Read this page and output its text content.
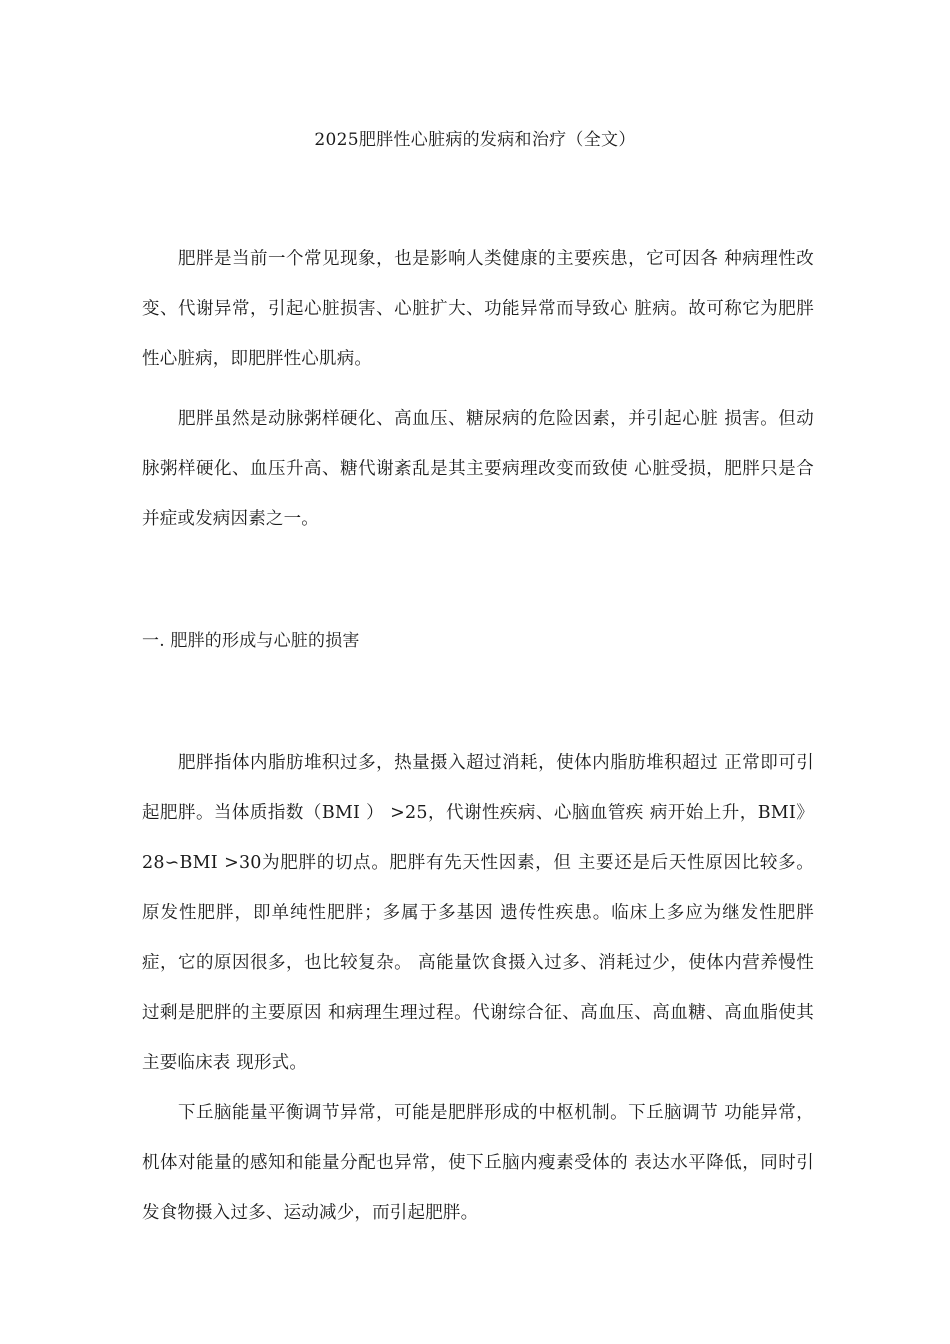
2025肥胖性心脏病的发病和治疗（全文）

肥胖是当前一个常见现象，也是影响人类健康的主要疾患，它可因各 种病理性改变、代谢异常，引起心脏损害、心脏扩大、功能异常而导致心 脏病。故可称它为肥胖性心脏病，即肥胖性心肌病。

肥胖虽然是动脉粥样硬化、高血压、糖尿病的危险因素，并引起心脏 损害。但动脉粥样硬化、血压升高、糖代谢紊乱是其主要病理改变而致使 心脏受损，肥胖只是合并症或发病因素之一。

一. 肥胖的形成与心脏的损害

肥胖指体内脂肪堆积过多，热量摄入超过消耗，使体内脂肪堆积超过 正常即可引起肥胖。当体质指数（BMI ） >25，代谢性疾病、心脑血管疾 病开始上升，BMI》28∽BMI >30为肥胖的切点。肥胖有先天性因素，但 主要还是后天性原因比较多。原发性肥胖，即单纯性肥胖；多属于多基因 遗传性疾患。临床上多应为继发性肥胖症，它的原因很多，也比较复杂。 高能量饮食摄入过多、消耗过少，使体内营养慢性过剩是肥胖的主要原因 和病理生理过程。代谢综合征、高血压、高血糖、高血脂使其主要临床表 现形式。

下丘脑能量平衡调节异常，可能是肥胖形成的中枢机制。下丘脑调节 功能异常，机体对能量的感知和能量分配也异常，使下丘脑内瘦素受体的 表达水平降低，同时引发食物摄入过多、运动减少，而引起肥胖。
